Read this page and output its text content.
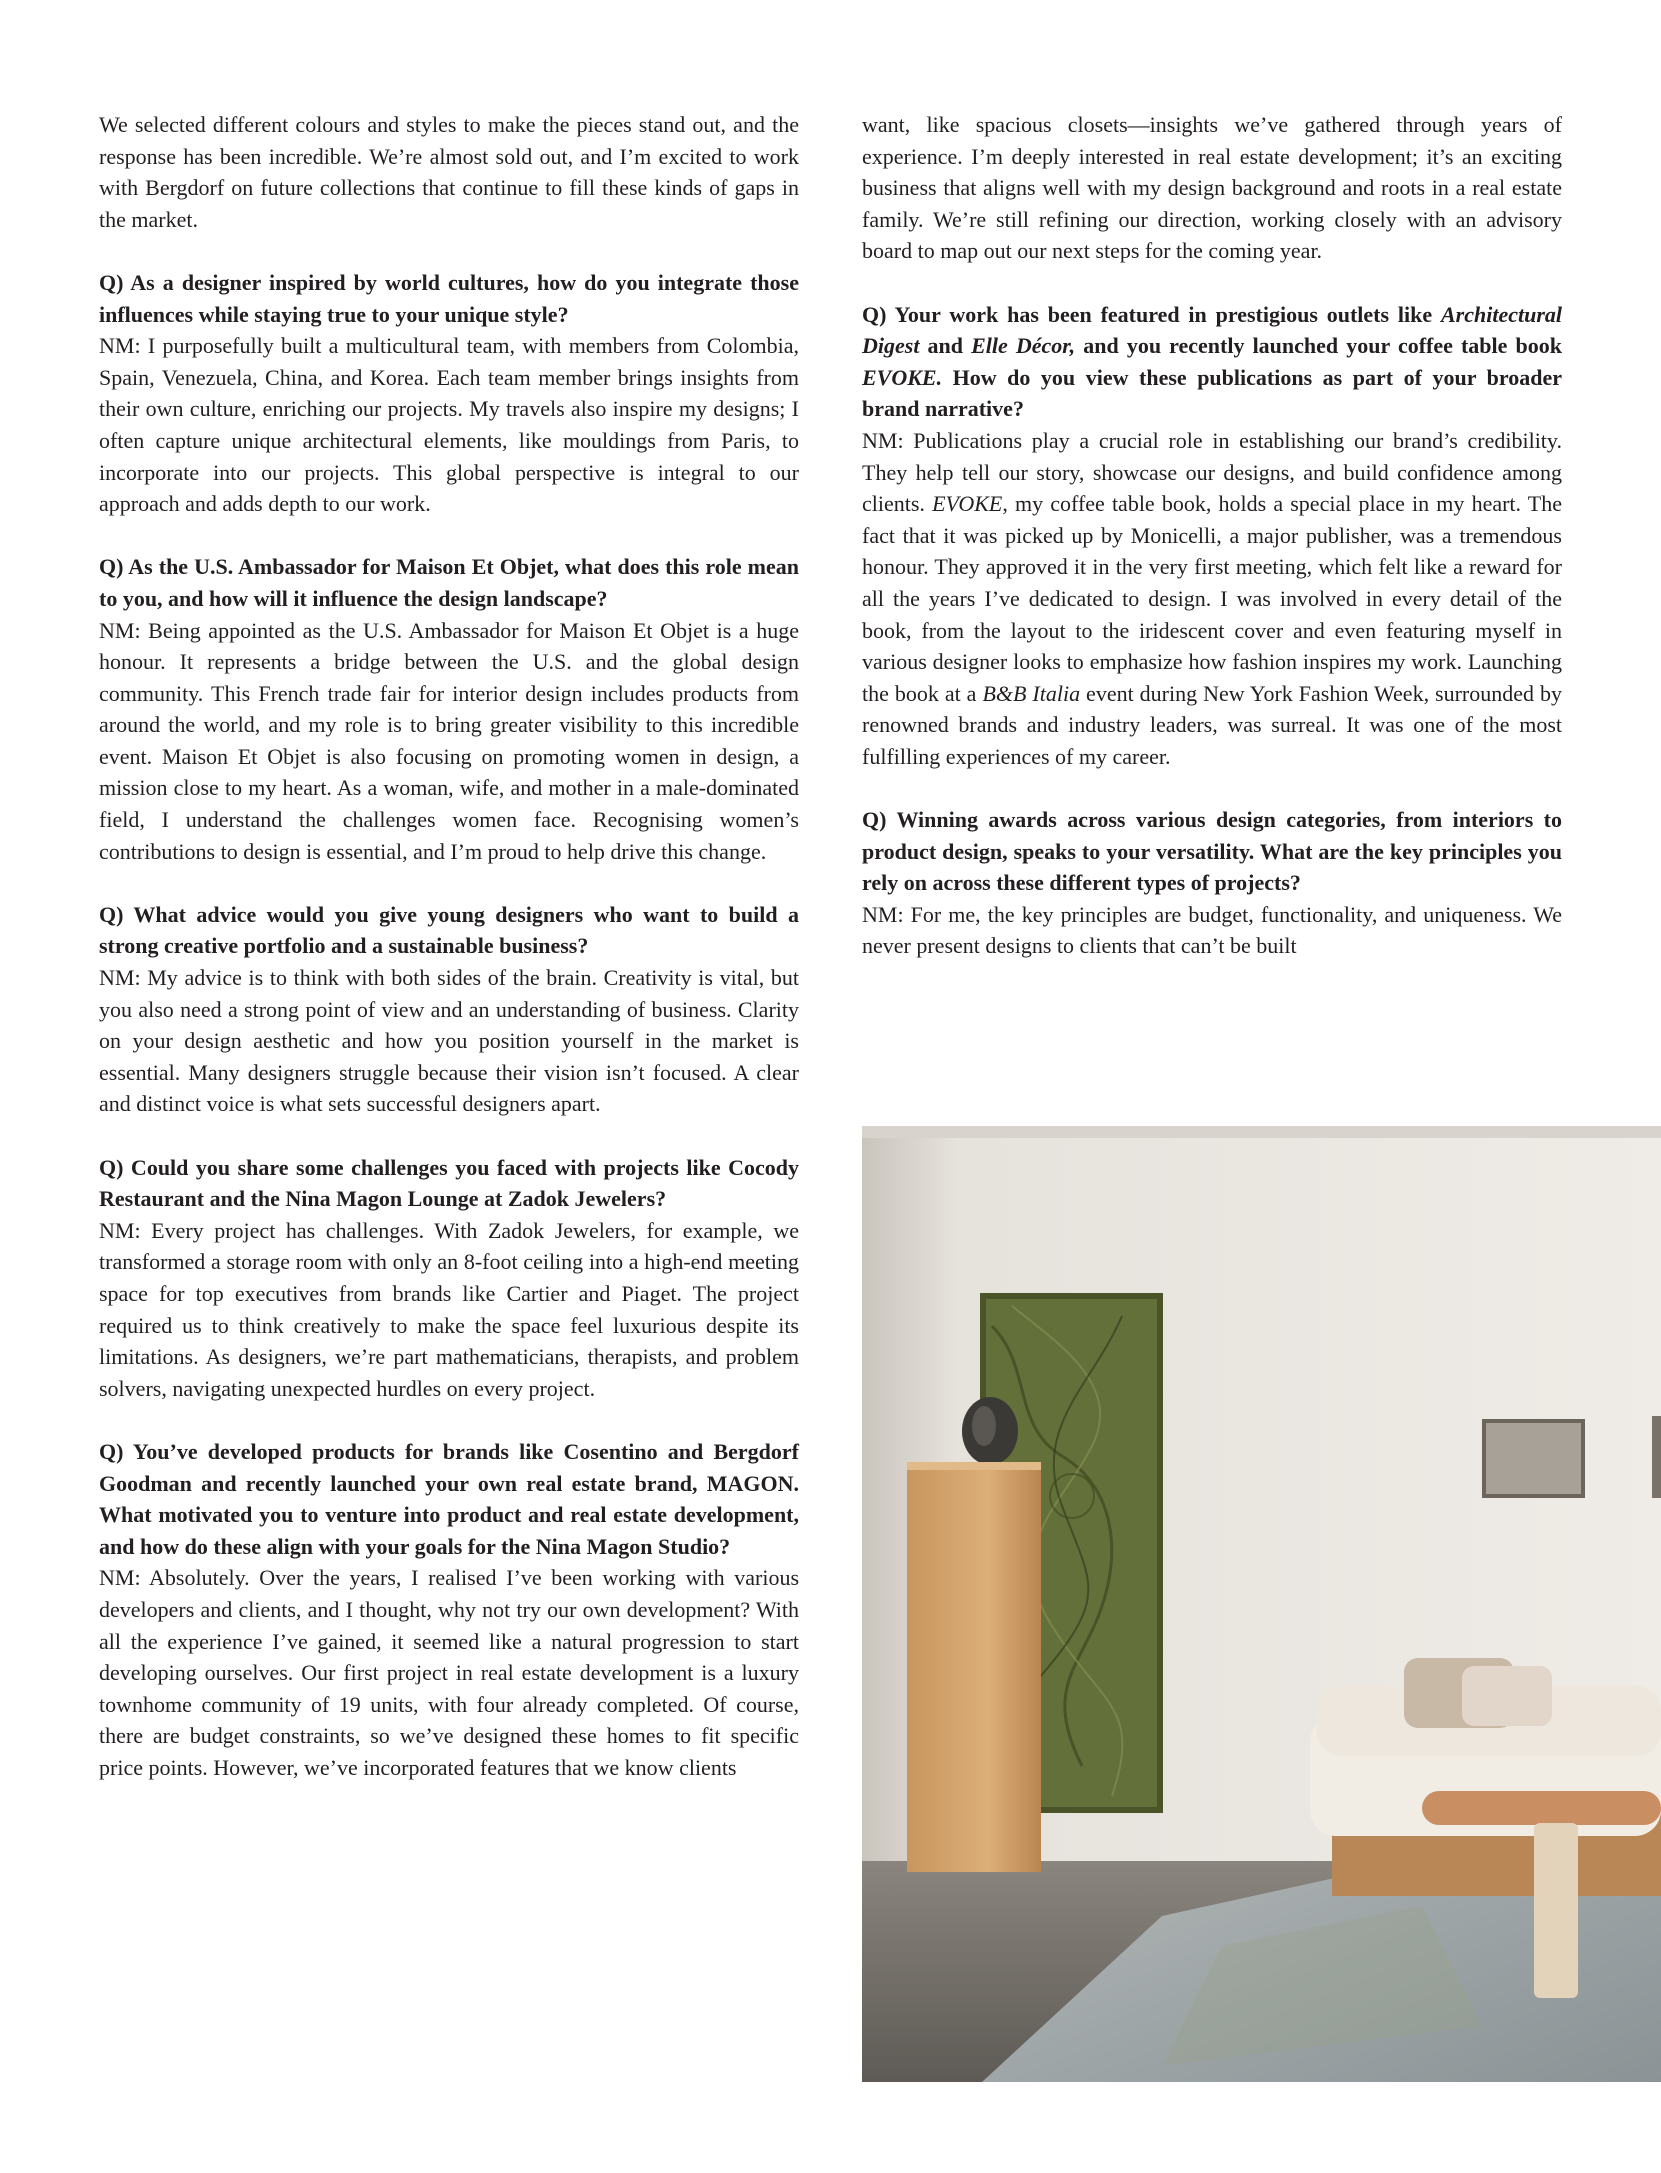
We selected different colours and styles to make the pieces stand out, and the response has been incredible. We’re almost sold out, and I’m excited to work with Bergdorf on future collections that continue to fill these kinds of gaps in the market.

Q) As a designer inspired by world cultures, how do you integrate those influences while staying true to your unique style?

NM: I purposefully built a multicultural team, with members from Colombia, Spain, Venezuela, China, and Korea. Each team member brings insights from their own culture, enriching our projects. My travels also inspire my designs; I often capture unique architectural elements, like mouldings from Paris, to incorporate into our projects. This global perspective is integral to our approach and adds depth to our work.

Q) As the U.S. Ambassador for Maison Et Objet, what does this role mean to you, and how will it influence the design landscape?

NM: Being appointed as the U.S. Ambassador for Maison Et Objet is a huge honour. It represents a bridge between the U.S. and the global design community. This French trade fair for interior design includes products from around the world, and my role is to bring greater visibility to this incredible event. Maison Et Objet is also focusing on promoting women in design, a mission close to my heart. As a woman, wife, and mother in a male-dominated field, I understand the challenges women face. Recognising women’s contributions to design is essential, and I’m proud to help drive this change.

Q) What advice would you give young designers who want to build a strong creative portfolio and a sustainable business?

NM: My advice is to think with both sides of the brain. Creativity is vital, but you also need a strong point of view and an understanding of business. Clarity on your design aesthetic and how you position yourself in the market is essential. Many designers struggle because their vision isn’t focused. A clear and distinct voice is what sets successful designers apart.

Q) Could you share some challenges you faced with projects like Cocody Restaurant and the Nina Magon Lounge at Zadok Jewelers?

NM: Every project has challenges. With Zadok Jewelers, for example, we transformed a storage room with only an 8-foot ceiling into a high-end meeting space for top executives from brands like Cartier and Piaget. The project required us to think creatively to make the space feel luxurious despite its limitations. As designers, we’re part mathematicians, therapists, and problem solvers, navigating unexpected hurdles on every project.

Q) You’ve developed products for brands like Cosentino and Bergdorf Goodman and recently launched your own real estate brand, MAGON. What motivated you to venture into product and real estate development, and how do these align with your goals for the Nina Magon Studio?

NM: Absolutely. Over the years, I realised I’ve been working with various developers and clients, and I thought, why not try our own development? With all the experience I’ve gained, it seemed like a natural progression to start developing ourselves. Our first project in real estate development is a luxury townhome community of 19 units, with four already completed. Of course, there are budget constraints, so we’ve designed these homes to fit specific price points. However, we’ve incorporated features that we know clients

want, like spacious closets—insights we’ve gathered through years of experience. I’m deeply interested in real estate development; it’s an exciting business that aligns well with my design background and roots in a real estate family. We’re still refining our direction, working closely with an advisory board to map out our next steps for the coming year.

Q) Your work has been featured in prestigious outlets like Architectural Digest and Elle Décor, and you recently launched your coffee table book EVOKE. How do you view these publications as part of your broader brand narrative?

NM: Publications play a crucial role in establishing our brand’s credibility. They help tell our story, showcase our designs, and build confidence among clients. EVOKE, my coffee table book, holds a special place in my heart. The fact that it was picked up by Monicelli, a major publisher, was a tremendous honour. They approved it in the very first meeting, which felt like a reward for all the years I’ve dedicated to design. I was involved in every detail of the book, from the layout to the iridescent cover and even featuring myself in various designer looks to emphasize how fashion inspires my work. Launching the book at a B&B Italia event during New York Fashion Week, surrounded by renowned brands and industry leaders, was surreal. It was one of the most fulfilling experiences of my career.

Q) Winning awards across various design categories, from interiors to product design, speaks to your versatility. What are the key principles you rely on across these different types of projects?

NM: For me, the key principles are budget, functionality, and uniqueness. We never present designs to clients that can’t be built
